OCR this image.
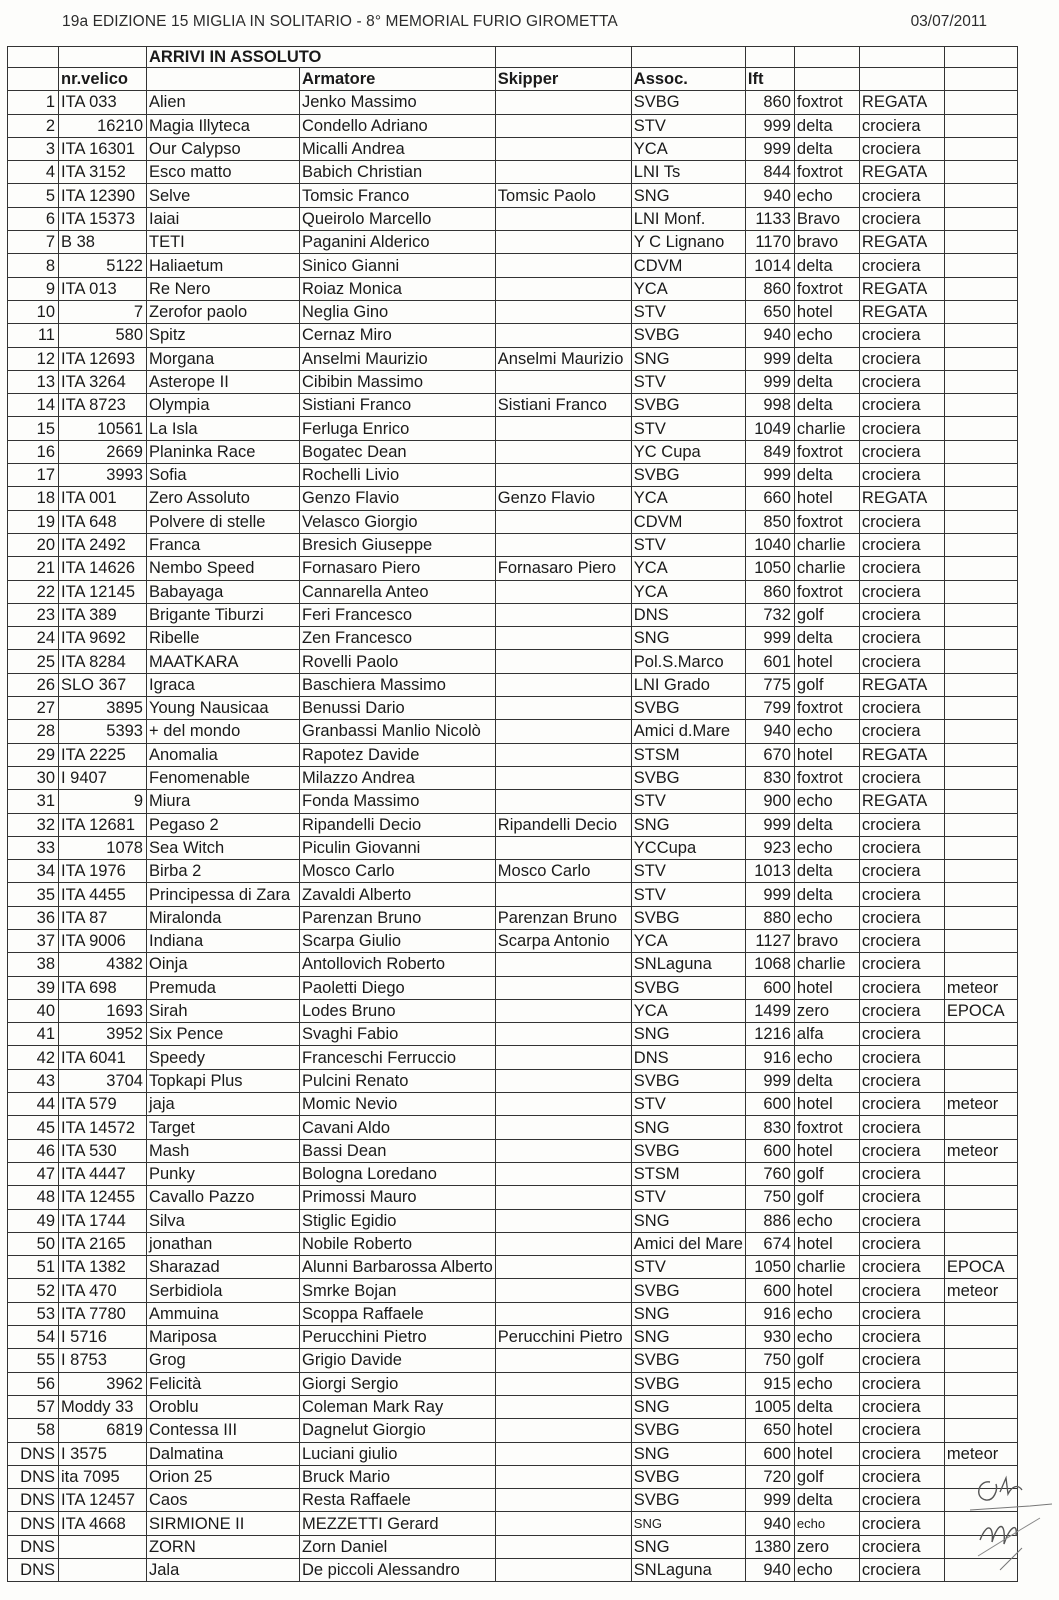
19a EDIZIONE 15 MIGLIA IN SOLITARIO - 8° MEMORIAL FURIO GIROMETTA	03/07/2011
		ARRIVI IN ASSOLUTO							
	nr.velico		Armatore	Skipper	Assoc.	Ift			
1	ITA 033	Alien	Jenko Massimo		SVBG	860	foxtrot	REGATA	
2	16210	Magia Illyteca	Condello Adriano		STV	999	delta	crociera	
3	ITA 16301	Our Calypso	Micalli Andrea		YCA	999	delta	crociera	
4	ITA 3152	Esco matto	Babich Christian		LNI Ts	844	foxtrot	REGATA	
5	ITA 12390	Selve	Tomsic Franco	Tomsic Paolo	SNG	940	echo	crociera	
6	ITA 15373	Iaiai	Queirolo Marcello		LNI Monf.	1133	Bravo	crociera	
7	B 38	TETI	Paganini Alderico		Y C Lignano	1170	bravo	REGATA	
8	5122	Haliaetum	Sinico Gianni		CDVM	1014	delta	crociera	
9	ITA 013	Re Nero	Roiaz Monica		YCA	860	foxtrot	REGATA	
10	7	Zerofor paolo	Neglia Gino		STV	650	hotel	REGATA	
11	580	Spitz	Cernaz Miro		SVBG	940	echo	crociera	
12	ITA 12693	Morgana	Anselmi Maurizio	Anselmi Maurizio	SNG	999	delta	crociera	
13	ITA 3264	Asterope II	Cibibin Massimo		STV	999	delta	crociera	
14	ITA 8723	Olympia	Sistiani Franco	Sistiani Franco	SVBG	998	delta	crociera	
15	10561	La Isla	Ferluga Enrico		STV	1049	charlie	crociera	
16	2669	Planinka Race	Bogatec Dean		YC Cupa	849	foxtrot	crociera	
17	3993	Sofia	Rochelli Livio		SVBG	999	delta	crociera	
18	ITA 001	Zero Assoluto	Genzo Flavio	Genzo Flavio	YCA	660	hotel	REGATA	
19	ITA 648	Polvere di stelle	Velasco Giorgio		CDVM	850	foxtrot	crociera	
20	ITA 2492	Franca	Bresich Giuseppe		STV	1040	charlie	crociera	
21	ITA 14626	Nembo Speed	Fornasaro Piero	Fornasaro Piero	YCA	1050	charlie	crociera	
22	ITA 12145	Babayaga	Cannarella Anteo		YCA	860	foxtrot	crociera	
23	ITA 389	Brigante Tiburzi	Feri Francesco		DNS	732	golf	crociera	
24	ITA 9692	Ribelle	Zen Francesco		SNG	999	delta	crociera	
25	ITA 8284	MAATKARA	Rovelli Paolo		Pol.S.Marco	601	hotel	crociera	
26	SLO 367	Igraca	Baschiera Massimo		LNI Grado	775	golf	REGATA	
27	3895	Young Nausicaa	Benussi Dario		SVBG	799	foxtrot	crociera	
28	5393	+ del mondo	Granbassi Manlio Nicolò		Amici d.Mare	940	echo	crociera	
29	ITA 2225	Anomalia	Rapotez Davide		STSM	670	hotel	REGATA	
30	I 9407	Fenomenable	Milazzo Andrea		SVBG	830	foxtrot	crociera	
31	9	Miura	Fonda Massimo		STV	900	echo	REGATA	
32	ITA 12681	Pegaso 2	Ripandelli Decio	Ripandelli Decio	SNG	999	delta	crociera	
33	1078	Sea Witch	Piculin Giovanni		YCCupa	923	echo	crociera	
34	ITA 1976	Birba 2	Mosco Carlo	Mosco Carlo	STV	1013	delta	crociera	
35	ITA 4455	Principessa di Zara	Zavaldi Alberto		STV	999	delta	crociera	
36	ITA 87	Miralonda	Parenzan Bruno	Parenzan Bruno	SVBG	880	echo	crociera	
37	ITA 9006	Indiana	Scarpa Giulio	Scarpa Antonio	YCA	1127	bravo	crociera	
38	4382	Oinja	Antollovich Roberto		SNLaguna	1068	charlie	crociera	
39	ITA 698	Premuda	Paoletti Diego		SVBG	600	hotel	crociera	meteor
40	1693	Sirah	Lodes Bruno		YCA	1499	zero	crociera	EPOCA
41	3952	Six Pence	Svaghi Fabio		SNG	1216	alfa	crociera	
42	ITA 6041	Speedy	Franceschi Ferruccio		DNS	916	echo	crociera	
43	3704	Topkapi Plus	Pulcini Renato		SVBG	999	delta	crociera	
44	ITA 579	jaja	Momic Nevio		STV	600	hotel	crociera	meteor
45	ITA 14572	Target	Cavani Aldo		SNG	830	foxtrot	crociera	
46	ITA 530	Mash	Bassi Dean		SVBG	600	hotel	crociera	meteor
47	ITA 4447	Punky	Bologna Loredano		STSM	760	golf	crociera	
48	ITA 12455	Cavallo Pazzo	Primossi Mauro		STV	750	golf	crociera	
49	ITA 1744	Silva	Stiglic Egidio		SNG	886	echo	crociera	
50	ITA 2165	jonathan	Nobile Roberto		Amici del Mare	674	hotel	crociera	
51	ITA 1382	Sharazad	Alunni Barbarossa Alberto		STV	1050	charlie	crociera	EPOCA
52	ITA 470	Serbidiola	Smrke Bojan		SVBG	600	hotel	crociera	meteor
53	ITA 7780	Ammuina	Scoppa Raffaele		SNG	916	echo	crociera	
54	I 5716	Mariposa	Perucchini Pietro	Perucchini Pietro	SNG	930	echo	crociera	
55	I 8753	Grog	Grigio Davide		SVBG	750	golf	crociera	
56	3962	Felicità	Giorgi Sergio		SVBG	915	echo	crociera	
57	Moddy 33	Oroblu	Coleman Mark Ray		SNG	1005	delta	crociera	
58	6819	Contessa III	Dagnelut Giorgio		SVBG	650	hotel	crociera	
DNS	I 3575	Dalmatina	Luciani giulio		SNG	600	hotel	crociera	meteor
DNS	ita 7095	Orion 25	Bruck Mario		SVBG	720	golf	crociera	
DNS	ITA 12457	Caos	Resta Raffaele		SVBG	999	delta	crociera	
DNS	ITA 4668	SIRMIONE II	MEZZETTI Gerard		SNG	940	echo	crociera	
DNS		ZORN	Zorn Daniel		SNG	1380	zero	crociera	
DNS		Jala	De piccoli Alessandro		SNLaguna	940	echo	crociera	
